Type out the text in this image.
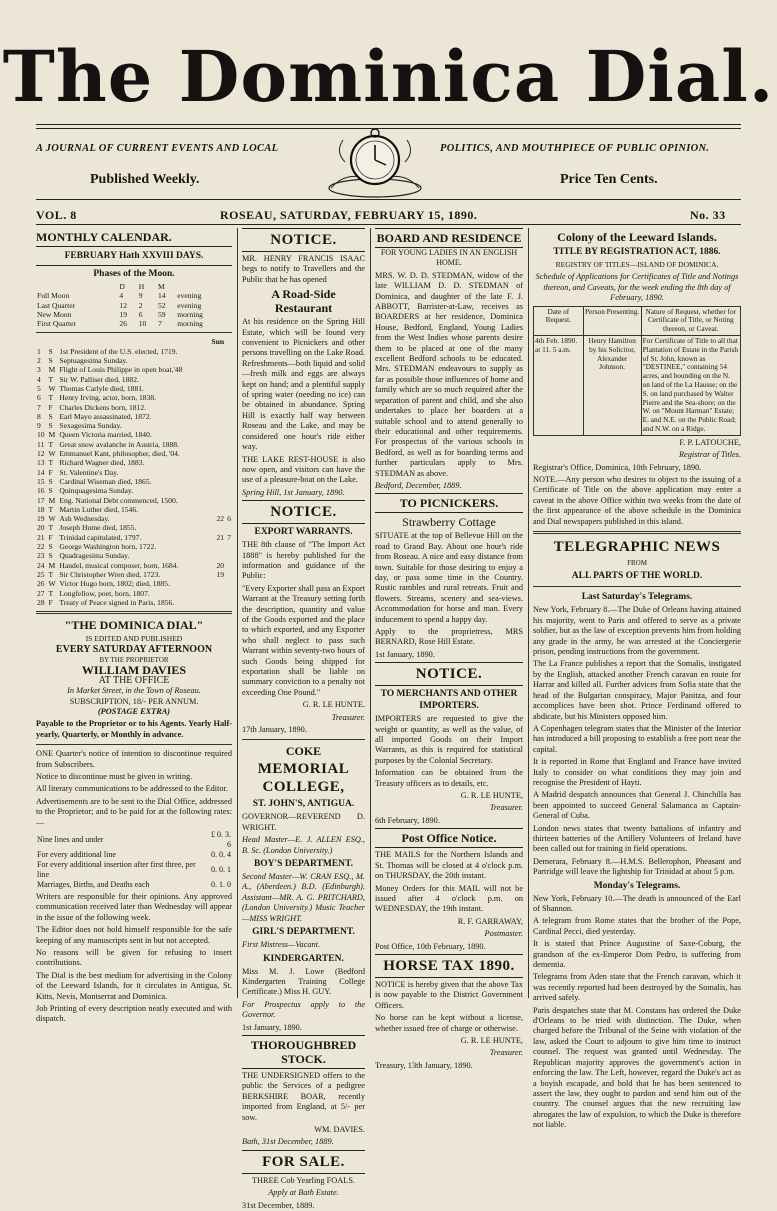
The Dominica Dial.
A JOURNAL OF CURRENT EVENTS AND LOCAL	POLITICS, AND MOUTHPIECE OF PUBLIC OPINION.
Published Weekly.	Price Ten Cents.
VOL. 8	ROSEAU, SATURDAY, FEBRUARY 15, 1890.	No. 33
MONTHLY CALENDAR.
FEBRUARY Hath XXVIII DAYS.
Phases of the Moon.
	D	H	M	
Full Moon	4	9	14	evening
Last Quarter	12	2	52	evening
New Moon	19	6	59	morning
First Quarter	26	10	7	morning
			Sun	
1	S	1st President of the U.S. elected, 1719.		
2	S	Septuagesima Sunday.		
3	M	Flight of Louis Philippe in open boat,'48		
4	T	Sir W. Palliser died, 1882.		
5	W	Thomas Carlyle died, 1881.		
6	T	Henry Irving, actor, born, 1838.		
7	F	Charles Dickens born, 1812.		
8	S	Earl Mayo assassinated, 1872.		
9	S	Sexagesima Sunday.		
10	M	Queen Victoria married, 1840.		
11	T	Great snow avalanche in Austria, 1888.		
12	W	Emmanuel Kant, philosopher, died, '04.		
13	T	Richard Wagner died, 1883.		
14	F	St. Valentine's Day.		
15	S	Cardinal Wiseman died, 1865.		
16	S	Quinquagesima Sunday.		
17	M	Eng. National Debt commenced, 1500.		
18	T	Martin Luther died, 1546.		
19	W	Ash Wednesday.	22	6
20	T	Joseph Hume died, 1855.		
21	F	Trinidad capitulated, 1797.	21	7
22	S	George Washington born, 1722.		
23	S	Quadragesima Sunday.		
24	M	Handel, musical composer, born, 1684.	20	
25	T	Sir Christopher Wren died, 1723.	19	
26	W	Victor Hugo born, 1802; died, 1885.		
27	T	Longfellow, poet, born, 1807.		
28	F	Treaty of Peace signed in Paris, 1856.		
"THE DOMINICA DIAL"
IS EDITED AND PUBLISHED
EVERY SATURDAY AFTERNOON
BY THE PROPRIETOR
WILLIAM DAVIES
AT THE OFFICE
In Market Street, in the Town of Roseau.
SUBSCRIPTION, 18/- PER ANNUM.
(POSTAGE EXTRA)

Payable to the Proprietor or to his Agents. Yearly Half-yearly, Quarterly, or Monthly in advance.

ONE Quarter's notice of intention to discontinue required from Subscribers.

Notice to discontinue must be given in writing.

All literary communications to be addressed to the Editor.

Advertisements are to be sent to the Dial Office, addressed to the Proprietor; and to be paid for at the following rates:—

Nine lines and under	£ 0. 3. 6
For every additional line	0. 0. 4
For every additional insertion after first three, per line	0. 0. 1
Marriages, Births, and Deaths each	0. 1. 0

Writers are responsible for their opinions. Any approved communication received later than Wednesday will appear in the issue of the following week.

The Editor does not hold himself responsible for the safe keeping of any manuscripts sent in but not accepted.

No reasons will be given for refusing to insert contributions.

The Dial is the best medium for advertising in the Colony of the Leeward Islands, for it circulates in Antigua, St. Kitts, Nevis, Montserrat and Dominica.

Job Printing of every description neatly executed and with dispatch.

NOTICE.

MR. HENRY FRANCIS ISAAC begs to notify to Travellers and the Public that he has opened

A Road-Side Restaurant

At his residence on the Spring Hill Estate, which will be found very convenient to Picnickers and other persons travelling on the Lake Road. Refreshments—both liquid and solid—fresh milk and eggs are always kept on hand; and a plentiful supply of spring water (needing no ice) can be obtained in abundance. Spring Hill is exactly half way between Roseau and the Lake, and may be considered one hour's ride either way.

THE LAKE REST-HOUSE is also now open, and visitors can have the use of a pleasure-boat on the Lake.

Spring Hill, 1st January, 1890.

NOTICE.
EXPORT WARRANTS.

THE 8th clause of "The Import Act 1888" is hereby published for the information and guidance of the Public:

"Every Exporter shall pass an Export Warrant at the Treasury setting forth the description, quantity and value of the Goods exported and the place to which exported, and any Exporter who shall neglect to pass such Warrant within seventy-two hours of such Goods being shipped for exportation shall be liable on summary conviction to a penalty not exceeding One Pound."

G. R. LE HUNTE.

Treasurer.

17th January, 1890.

COKE
MEMORIAL COLLEGE,
ST. JOHN'S, ANTIGUA.

GOVERNOR—REVEREND D. WRIGHT.

Head Master—E. J. ALLEN ESQ., B. Sc. (London University.)

BOY'S DEPARTMENT.

Second Master—W. CRAN ESQ., M. A., (Aberdeen.) B.D. (Edinburgh). Assistant—MR. A. G. PRITCHARD, (London University.) Music Teacher—MISS WRIGHT.

GIRL'S DEPARTMENT.

First Mistress—Vacant.

KINDERGARTEN.

Miss M. J. Lowe (Bedford Kindergarten Training College Certificate.) Miss H. GUY.

For Prospectus apply to the Governor.

1st January, 1890.

THOROUGHBRED STOCK.

THE UNDERSIGNED offers to the public the Services of a pedigree BERKSHIRE BOAR, recently imported from England, at 5/- per sow.

WM. DAVIES.

Bath, 31st December, 1889.

FOR SALE.

THREE Cob Yearling FOALS.

Apply at Bath Estate.

31st December, 1889.

BOARD AND RESIDENCE
FOR YOUNG LADIES IN AN ENGLISH HOME.

MRS. W. D. D. STEDMAN, widow of the late WILLIAM D. D. STEDMAN of Dominica, and daughter of the late F. J. ABBOTT, Barrister-at-Law, receives as BOARDERS at her residence, Dominica House, Bedford, England, Young Ladies from the West Indies whose parents desire them to be placed at one of the many excellent Bedford schools to be educated. Mrs. STEDMAN endeavours to supply as far as possible those influences of home and family which are so much required after the separation of parent and child, and she also undertakes to place her boarders at a suitable school and to attend generally to their educational and other requirements. For prospectus of the various schools in Bedford, as well as for boarding terms and further particulars apply to Mrs. STEDMAN as above.

Bedford, December, 1889.

TO PICNICKERS.
Strawberry Cottage

SITUATE at the top of Bellevue Hill on the road to Grand Bay. About one hour's ride from Roseau. A nice and easy distance from town. Suitable for those desiring to enjoy a day, or pass some time in the Country. Rustic rambles and rural retreats. Fruit and flowers. Streams, scenery and sea-views. Accommodation for horse and man. Every inducement to spend a happy day.

Apply to the proprietress, MRS BERNARD, Rose Hill Estate.

1st January, 1890.

NOTICE.
TO MERCHANTS AND OTHER IMPORTERS.

IMPORTERS are requested to give the weight or quantity, as well as the value, of all imported Goods on their Import Warrants, as this is required for statistical purposes by the Colonial Secretary.

Information can be obtained from the Treasury officers as to details, etc.

G. R. LE HUNTE,

Treasurer.

6th February, 1890.

Post Office Notice.

THE MAILS for the Northern Islands and St. Thomas will be closed at 4 o'clock p.m. on THURSDAY, the 20th instant.

Money Orders for this MAIL will not be issued after 4 o'clock p.m. on WEDNESDAY, the 19th instant.

R. F. GARRAWAY,

Postmaster.

Post Office, 10th February, 1890.

HORSE TAX 1890.

NOTICE is hereby given that the above Tax is now payable to the District Government Officers.

No horse can be kept without a license, whether issued free of charge or otherwise.

G. R. LE HUNTE,

Treasurer.

Treasury, 13th January, 1890.

Colony of the Leeward Islands.
TITLE BY REGISTRATION ACT, 1886.
REGISTRY OF TITLES—ISLAND OF DOMINICA.

Schedule of Applications for Certificates of Title and Notings thereon, and Caveats, for the week ending the 8th day of February, 1890.

Date of Request.	Person Presenting.	Nature of Request, whether for Certificate of Title, or Noting thereon, or Caveat.
4th Feb. 1890. at 11. 5 a.m.	Henry Hamilton by his Solicitor, Alexander Johnson.	For Certificate of Title to all that Plantation of Estate in the Parish of St. John, known as "DESTINEE," containing 54 acres, and bounding on the N. on land of the La Hausse; on the S. on land purchased by Walter Pierre and the Sea-shore; on the W. on "Mount Harman" Estate; E. and N.E. on the Public Road; and N.W. on a Ridge.

F. P. LATOUCHE,

Registrar of Titles.

Registrar's Office, Dominica, 10th February, 1890.

NOTE.—Any person who desires to object to the issuing of a Certificate of Title on the above application may enter a caveat in the above Office within two weeks from the date of the first appearance of the above schedule in the Dominica and Dial newspapers published in this island.

TELEGRAPHIC NEWS
FROM
ALL PARTS OF THE WORLD.
Last Saturday's Telegrams.

New York, February 8.—The Duke of Orleans having attained his majority, went to Paris and offered to serve as a private soldier, but as the law of exception prevents him from holding any grade in the army, he was arrested at the Conciergerie prison, pending instructions from the government.

The La France publishes a report that the Somalis, instigated by the English, attacked another French caravan en route for Harrar and killed all. Further advices from Sofia state that the head of the Bulgarian conspiracy, Major Panitza, and four accomplices have been shot. Prince Ferdinand offered to abdicate, but his Ministers opposed him.

A Copenhagen telegram states that the Minister of the Interior has introduced a bill proposing to establish a free port near the capital.

It is reported in Rome that England and France have invited Italy to consider on what conditions they may join and recognise the President of Hayti.

A Madrid despatch announces that General J. Chinchilla has been appointed to succeed General Salamanca as Captain-General of Cuba.

London news states that twenty battalions of infantry and thirteen batteries of the Artillery Volunteers of Ireland have been called out for training in field operations.

Demerara, February 8.—H.M.S. Bellerophon, Pheasant and Partridge will leave the lightship for Trinidad at about 5 p.m.

Monday's Telegrams.

New York, February 10.—The death is announced of the Earl of Shannon.

A telegram from Rome states that the brother of the Pope, Cardinal Pecci, died yesterday.

It is stated that Prince Augustine of Saxe-Coburg, the grandson of the ex-Emperor Dom Pedro, is suffering from dementia.

Telegrams from Aden state that the French caravan, which it was recently reported had been destroyed by the Somalis, has arrived safely.

Paris despatches state that M. Constans has ordered the Duke d'Orleans to be tried with distinction. The Duke, when charged before the Tribunal of the Seine with violation of the law, asked the Court to adjourn to give him time to instruct counsel. The request was granted until Wednesday. The Republican majority approves the government's action in enforcing the law. The Left, however, regard the Duke's act as a boyish escapade, and hold that he has been sentenced to assert the law, they ought to pardon and send him out of the country. The counsel argues that the new recruiting law abrogates the law of expulsion, to which the Duke is therefore not liable.
